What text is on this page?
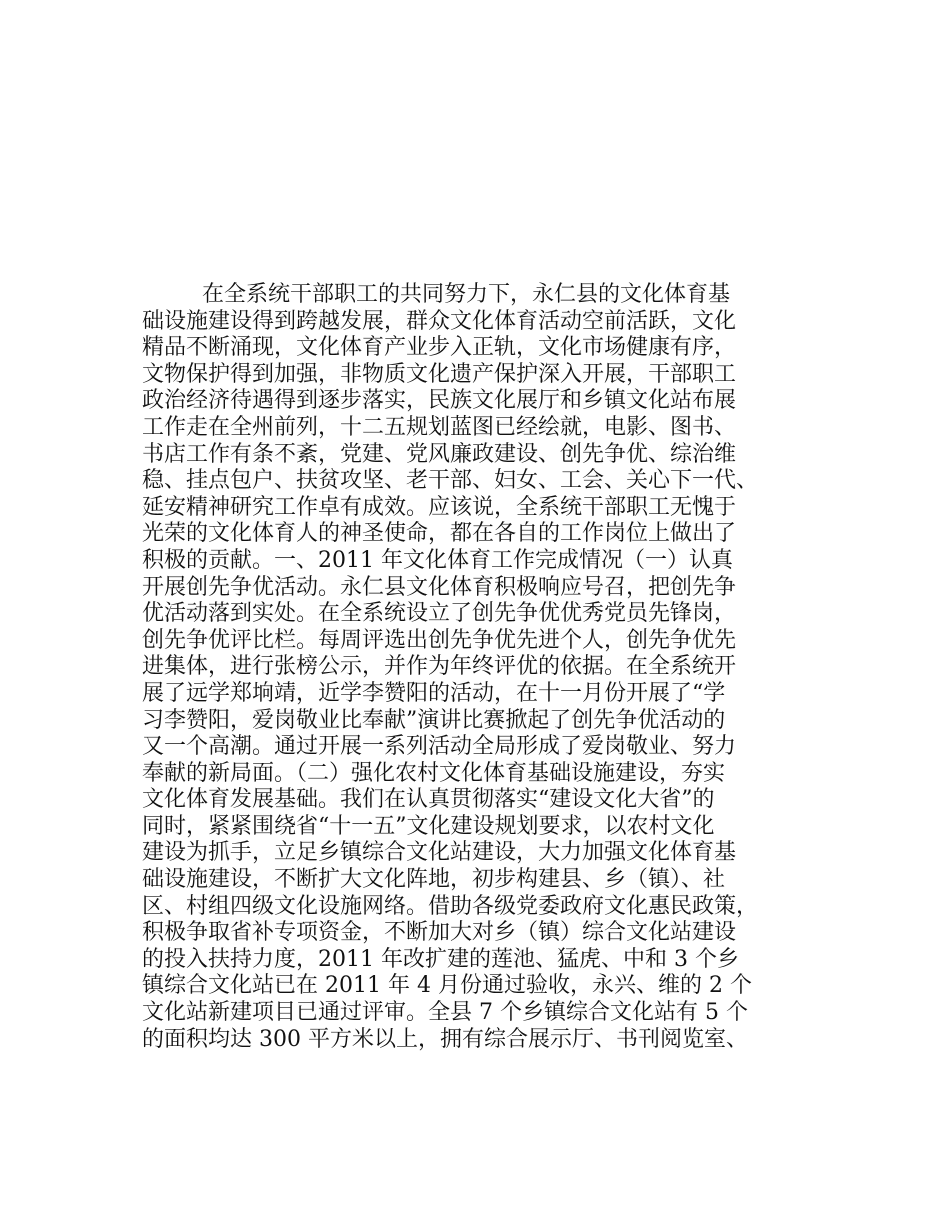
在全系统干部职工的共同努力下，永仁县的文化体育基
础设施建设得到跨越发展，群众文化体育活动空前活跃，文化
精品不断涌现，文化体育产业步入正轨，文化市场健康有序，
文物保护得到加强，非物质文化遗产保护深入开展，干部职工
政治经济待遇得到逐步落实，民族文化展厅和乡镇文化站布展
工作走在全州前列，十二五规划蓝图已经绘就，电影、图书、
书店工作有条不紊，党建、党风廉政建设、创先争优、综治维
稳、挂点包户、扶贫攻坚、老干部、妇女、工会、关心下一代、
延安精神研究工作卓有成效。应该说，全系统干部职工无愧于
光荣的文化体育人的神圣使命，都在各自的工作岗位上做出了
积极的贡献。一、2011 年文化体育工作完成情况（一）认真
开展创先争优活动。永仁县文化体育积极响应号召，把创先争
优活动落到实处。在全系统设立了创先争优优秀党员先锋岗，
创先争优评比栏。每周评选出创先争优先进个人，创先争优先
进集体，进行张榜公示，并作为年终评优的依据。在全系统开
展了远学郑垧靖，近学李赞阳的活动，在十一月份开展了“学
习李赞阳，爱岗敬业比奉献”演讲比赛掀起了创先争优活动的
又一个高潮。通过开展一系列活动全局形成了爱岗敬业、努力
奉献的新局面。（二）强化农村文化体育基础设施建设，夯实
文化体育发展基础。我们在认真贯彻落实“建设文化大省”的
同时，紧紧围绕省“十一五”文化建设规划要求，以农村文化
建设为抓手，立足乡镇综合文化站建设，大力加强文化体育基
础设施建设，不断扩大文化阵地，初步构建县、乡（镇）、社
区、村组四级文化设施网络。借助各级党委政府文化惠民政策，
积极争取省补专项资金，不断加大对乡（镇）综合文化站建设
的投入扶持力度，2011 年改扩建的莲池、猛虎、中和 3 个乡
镇综合文化站已在 2011 年 4 月份通过验收，永兴、维的 2 个
文化站新建项目已通过评审。全县 7 个乡镇综合文化站有 5 个
的面积均达 300 平方米以上，拥有综合展示厅、书刊阅览室、
